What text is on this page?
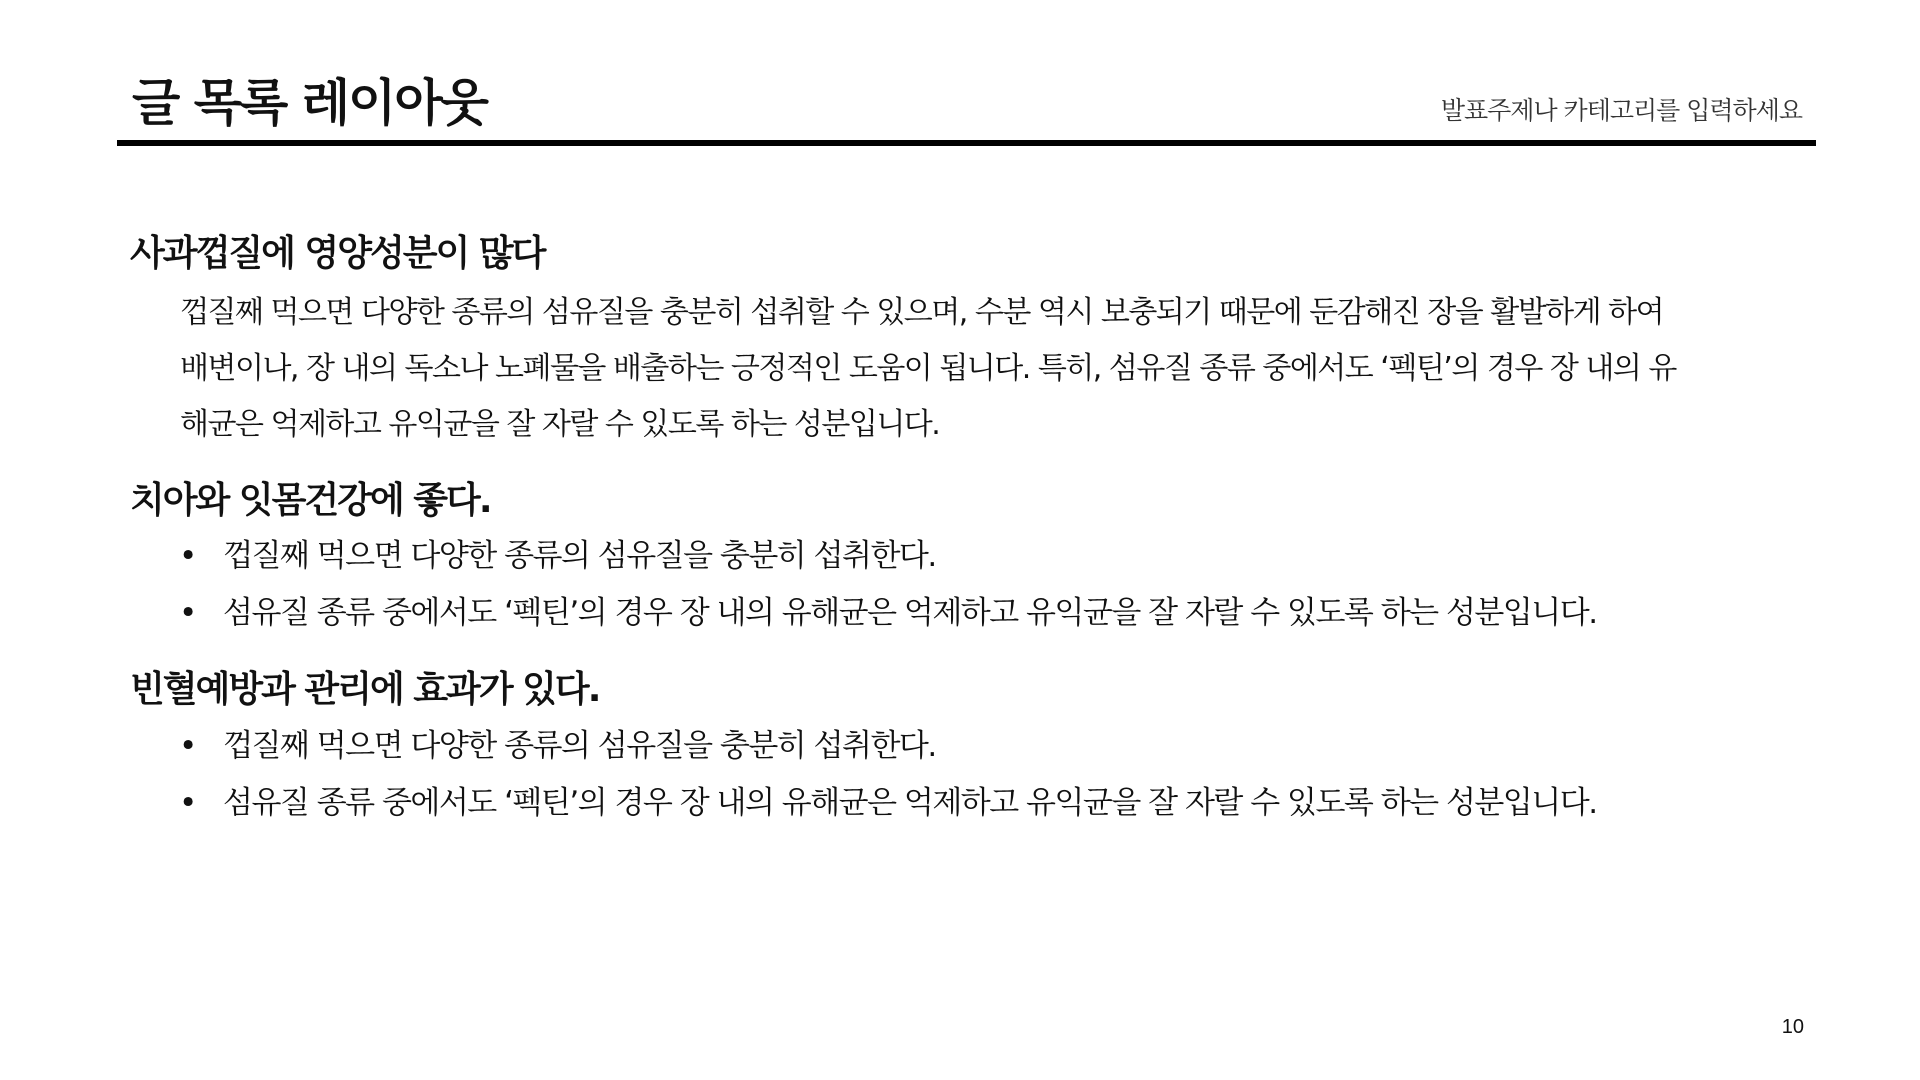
글 목록 레이아웃	발표주제나 카테고리를 입력하세요
사과껍질에 영양성분이 많다

껍질째 먹으면 다양한 종류의 섬유질을 충분히 섭취할 수 있으며, 수분 역시 보충되기 때문에 둔감해진 장을 활발하게 하여 배변이나, 장 내의 독소나 노폐물을 배출하는 긍정적인 도움이 됩니다. 특히, 섬유질 종류 중에서도 ‘펙틴’의 경우 장 내의 유해균은 억제하고 유익균을 잘 자랄 수 있도록 하는 성분입니다.

치아와 잇몸건강에 좋다.
• 껍질째 먹으면 다양한 종류의 섬유질을 충분히 섭취한다.
• 섬유질 종류 중에서도 ‘펙틴’의 경우 장 내의 유해균은 억제하고 유익균을 잘 자랄 수 있도록 하는 성분입니다.
빈혈예방과 관리에 효과가 있다.
• 껍질째 먹으면 다양한 종류의 섬유질을 충분히 섭취한다.
• 섬유질 종류 중에서도 ‘펙틴’의 경우 장 내의 유해균은 억제하고 유익균을 잘 자랄 수 있도록 하는 성분입니다.
10
